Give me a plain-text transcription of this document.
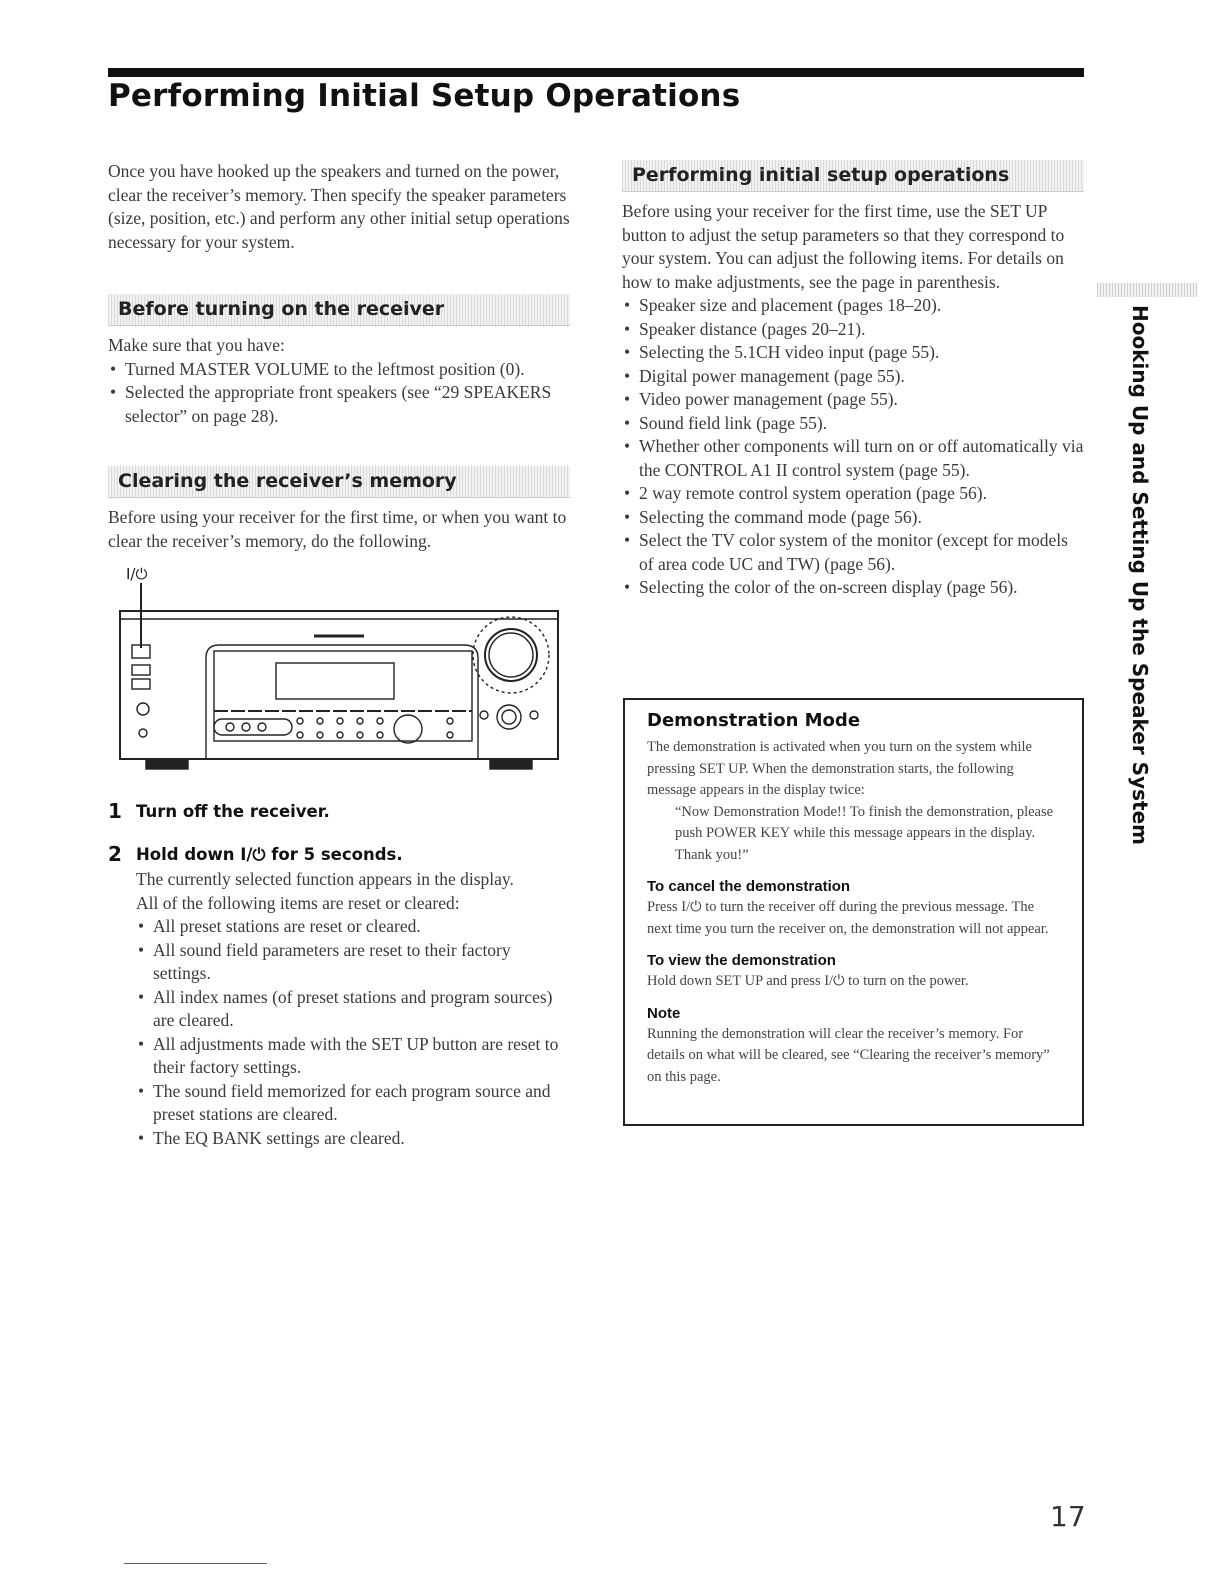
Performing Initial Setup Operations

Once you have hooked up the speakers and turned on the power, clear the receiver’s memory. Then specify the speaker parameters (size, position, etc.) and perform any other initial setup operations necessary for your system.

Before turning on the receiver

Make sure that you have:

• Turned MASTER VOLUME to the leftmost position (0).
• Selected the appropriate front speakers (see “29 SPEAKERS selector” on page 28).
Clearing the receiver’s memory

Before using your receiver for the first time, or when you want to clear the receiver’s memory, do the following.

I/⏻
1 Turn off the receiver.
2 Hold down I/⏻ for 5 seconds.

The currently selected function appears in the display.

All of the following items are reset or cleared:

• All preset stations are reset or cleared.
• All sound field parameters are reset to their factory settings.
• All index names (of preset stations and program sources) are cleared.
• All adjustments made with the SET UP button are reset to their factory settings.
• The sound field memorized for each program source and preset stations are cleared.
• The EQ BANK settings are cleared.
Performing initial setup operations

Before using your receiver for the first time, use the SET UP button to adjust the setup parameters so that they correspond to your system. You can adjust the following items. For details on how to make adjustments, see the page in parenthesis.

• Speaker size and placement (pages 18–20).
• Speaker distance (pages 20–21).
• Selecting the 5.1CH video input (page 55).
• Digital power management (page 55).
• Video power management (page 55).
• Sound field link (page 55).
• Whether other components will turn on or off automatically via the CONTROL A1 II control system (page 55).
• 2 way remote control system operation (page 56).
• Selecting the command mode (page 56).
• Select the TV color system of the monitor (except for models of area code UC and TW) (page 56).
• Selecting the color of the on-screen display (page 56).
Demonstration Mode

The demonstration is activated when you turn on the system while pressing SET UP. When the demonstration starts, the following message appears in the display twice:

“Now Demonstration Mode!! To finish the demonstration, please push POWER KEY while this message appears in the display. Thank you!”

To cancel the demonstration

Press I/⏻ to turn the receiver off during the previous message. The next time you turn the receiver on, the demonstration will not appear.

To view the demonstration

Hold down SET UP and press I/⏻ to turn on the power.

Note

Running the demonstration will clear the receiver’s memory. For details on what will be cleared, see “Clearing the receiver’s memory” on this page.

Hooking Up and Setting Up the Speaker System
17
